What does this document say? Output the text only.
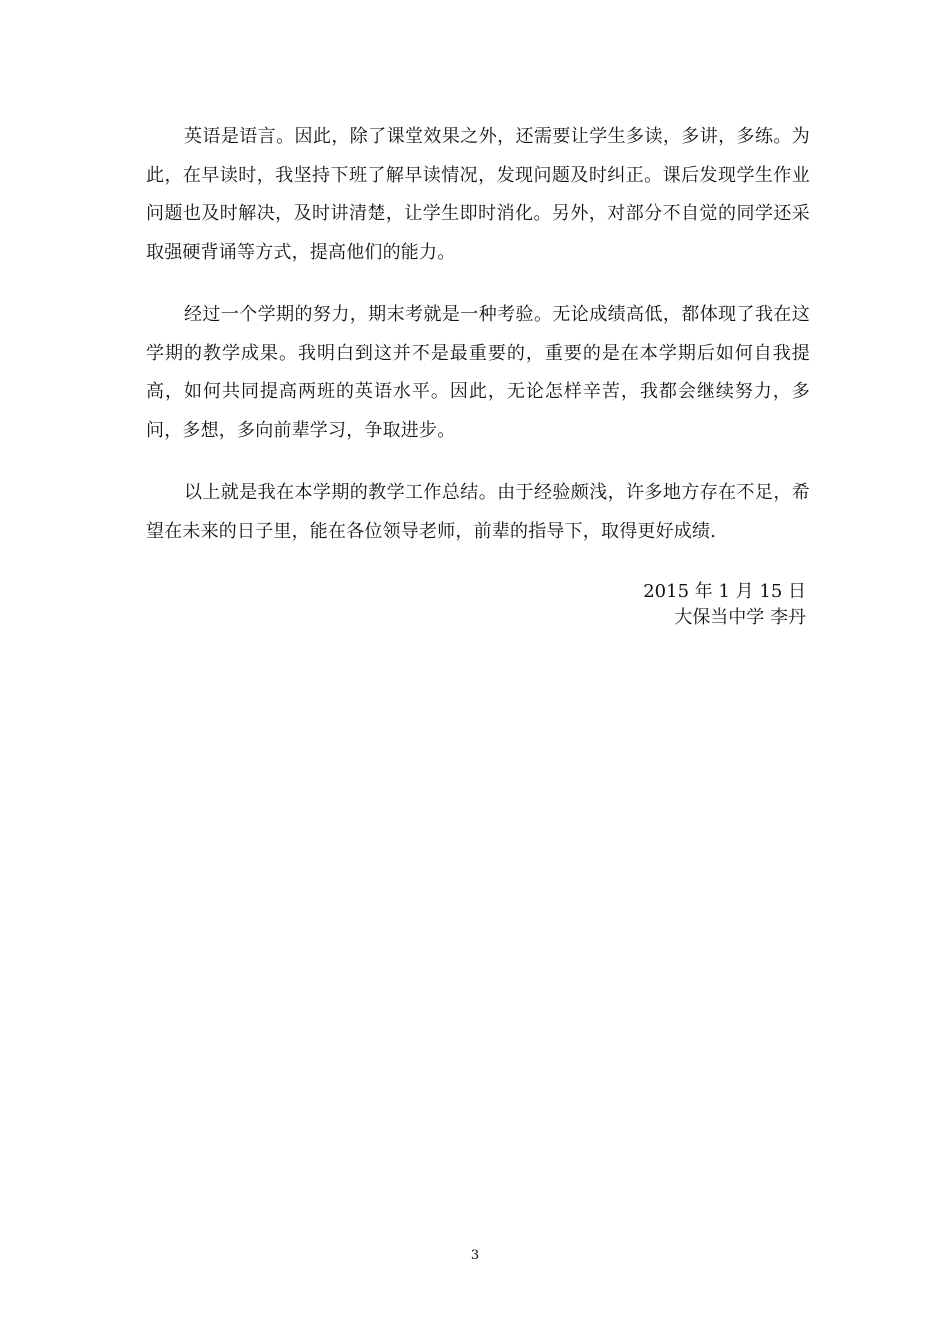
英语是语言。因此，除了课堂效果之外，还需要让学生多读，多讲，多练。为此，在早读时，我坚持下班了解早读情况，发现问题及时纠正。课后发现学生作业问题也及时解决，及时讲清楚，让学生即时消化。另外，对部分不自觉的同学还采取强硬背诵等方式，提高他们的能力。

经过一个学期的努力，期末考就是一种考验。无论成绩高低，都体现了我在这学期的教学成果。我明白到这并不是最重要的，重要的是在本学期后如何自我提高，如何共同提高两班的英语水平。因此，无论怎样辛苦，我都会继续努力，多问，多想，多向前辈学习，争取进步。

以上就是我在本学期的教学工作总结。由于经验颇浅，许多地方存在不足，希望在未来的日子里，能在各位领导老师，前辈的指导下，取得更好成绩.

2015 年 1 月 15 日
大保当中学 李丹
3
